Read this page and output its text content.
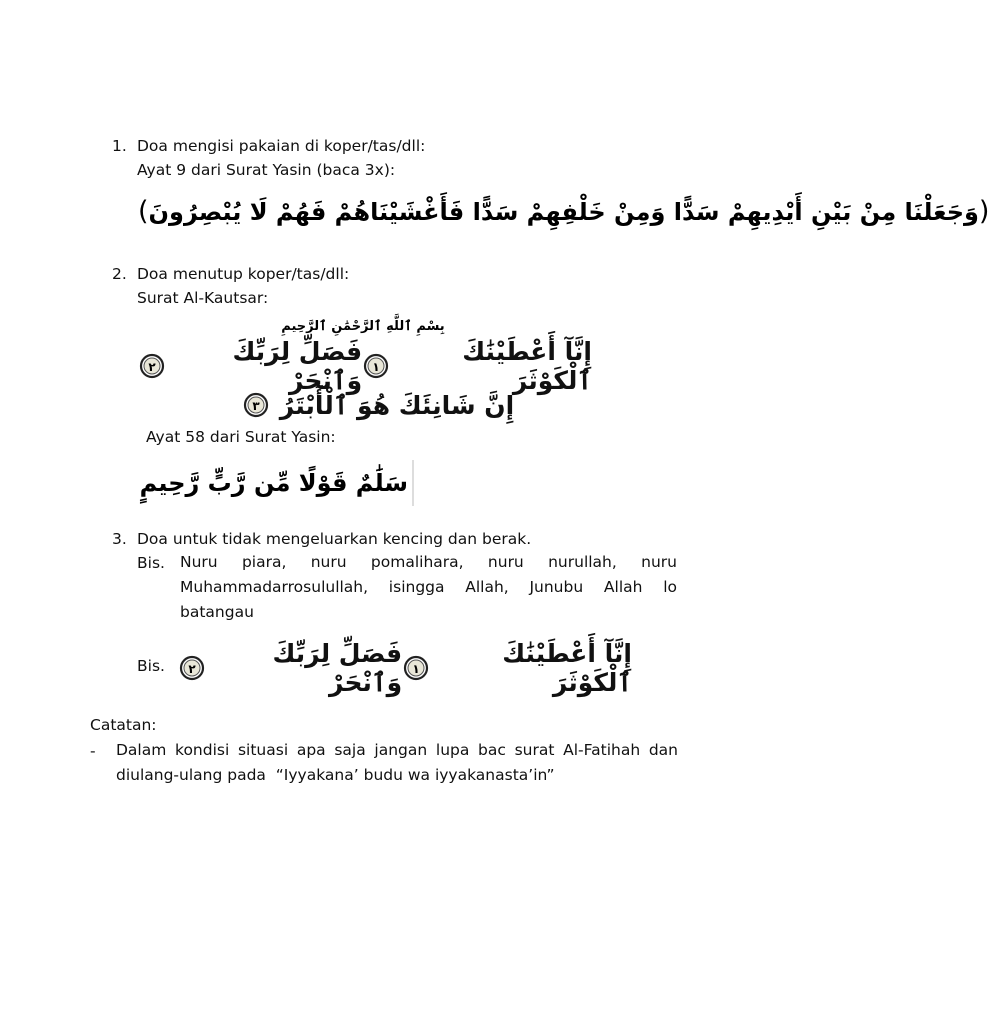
1. Doa mengisi pakaian di koper/tas/dll:
Ayat 9 dari Surat Yasin (baca 3x):
( وَجَعَلْنَا مِنْ بَيْنِ أَيْدِيهِمْ سَدًّا وَمِنْ خَلْفِهِمْ سَدًّا فَأَغْشَيْنَاهُمْ فَهُمْ لَا يُبْصِرُونَ )
2. Doa menutup koper/tas/dll:
Surat Al-Kautsar:
بِسْمِ ٱللَّهِ ٱلرَّحْمَٰنِ ٱلرَّحِيمِ
إِنَّآ أَعْطَيْنَٰكَ ٱلْكَوْثَرَ
١
فَصَلِّ لِرَبِّكَ وَٱنْحَرْ
٢
إِنَّ شَانِئَكَ هُوَ ٱلْأَبْتَرُ
٣
Ayat 58 dari Surat Yasin:
سَلَٰمٌ قَوْلًا مِّن رَّبٍّ رَّحِيمٍ
3. Doa untuk tidak mengeluarkan kencing dan berak.
Bis. Nuru piara, nuru pomalihara, nuru nurullah, nuru
Muhammadarrosulullah, isingga Allah, Junubu Allah lo
batangau
Bis.	إِنَّآ أَعْطَيْنَٰكَ ٱلْكَوْثَرَ
١
فَصَلِّ لِرَبِّكَ وَٱنْحَرْ
٢
Catatan:
- Dalam kondisi situasi apa saja jangan lupa bac surat Al-Fatihah dan
diulang-ulang pada  “Iyyakana’ budu wa iyyakanasta’in”
